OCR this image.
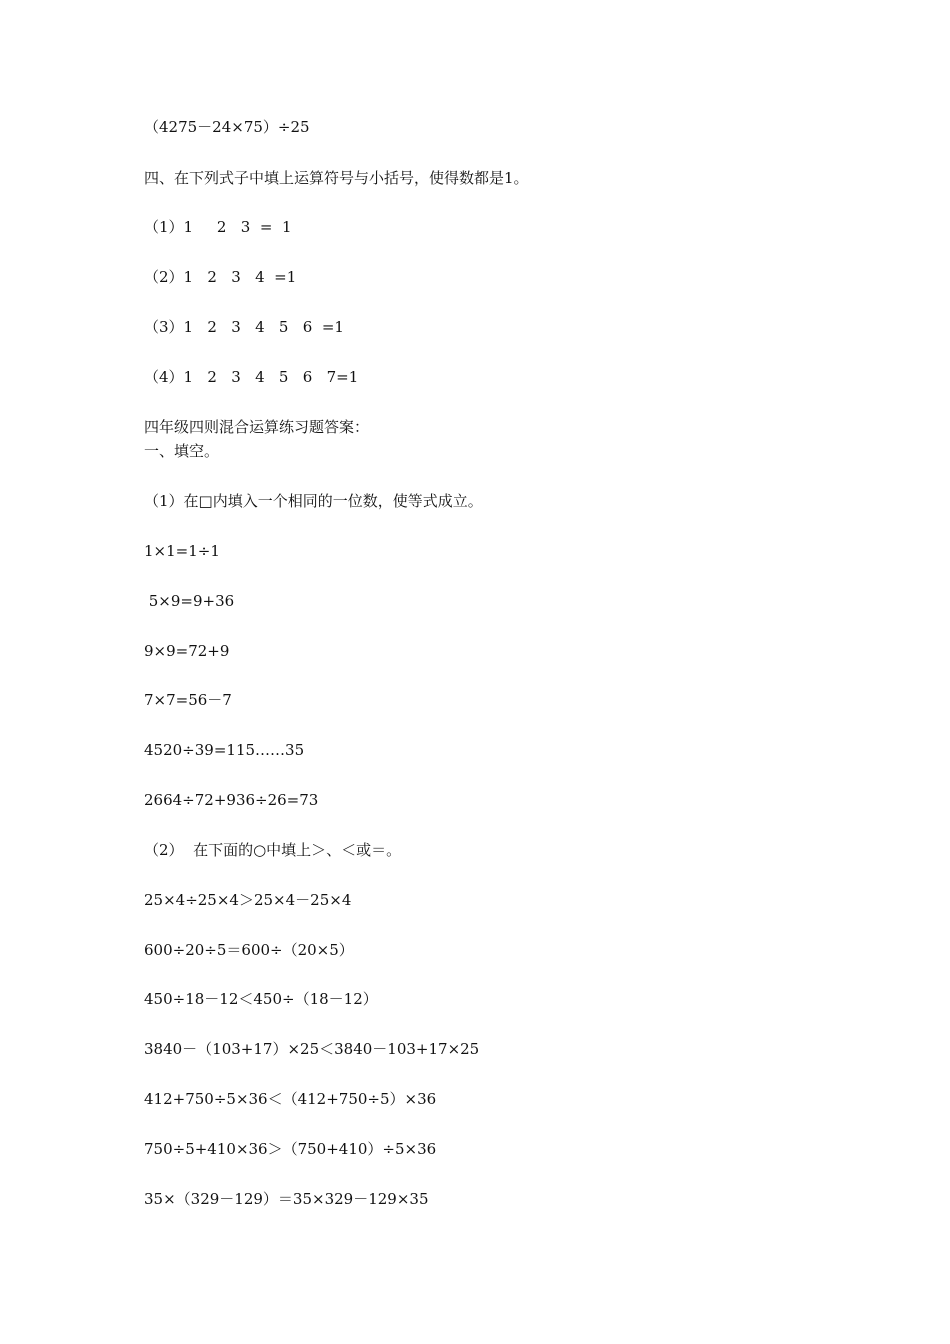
（4275－24×75）÷25
四、在下列式子中填上运算符号与小括号，使得数都是1。
（1）1     2   3  =  1
（2）1   2   3   4  =1
（3）1   2   3   4   5   6  =1
（4）1   2   3   4   5   6   7=1
四年级四则混合运算练习题答案：
一、填空。
（1）在□内填入一个相同的一位数，使等式成立。
1×1=1÷1
5×9=9+36
9×9=72+9
7×7=56－7
4520÷39=115……35
2664÷72+936÷26=73
（2）  在下面的○中填上＞、＜或＝。
25×4÷25×4＞25×4－25×4
600÷20÷5＝600÷（20×5）
450÷18－12＜450÷（18－12）
3840－（103+17）×25＜3840－103+17×25
412+750÷5×36＜（412+750÷5）×36
750÷5+410×36＞（750+410）÷5×36
35×（329－129）＝35×329－129×35
